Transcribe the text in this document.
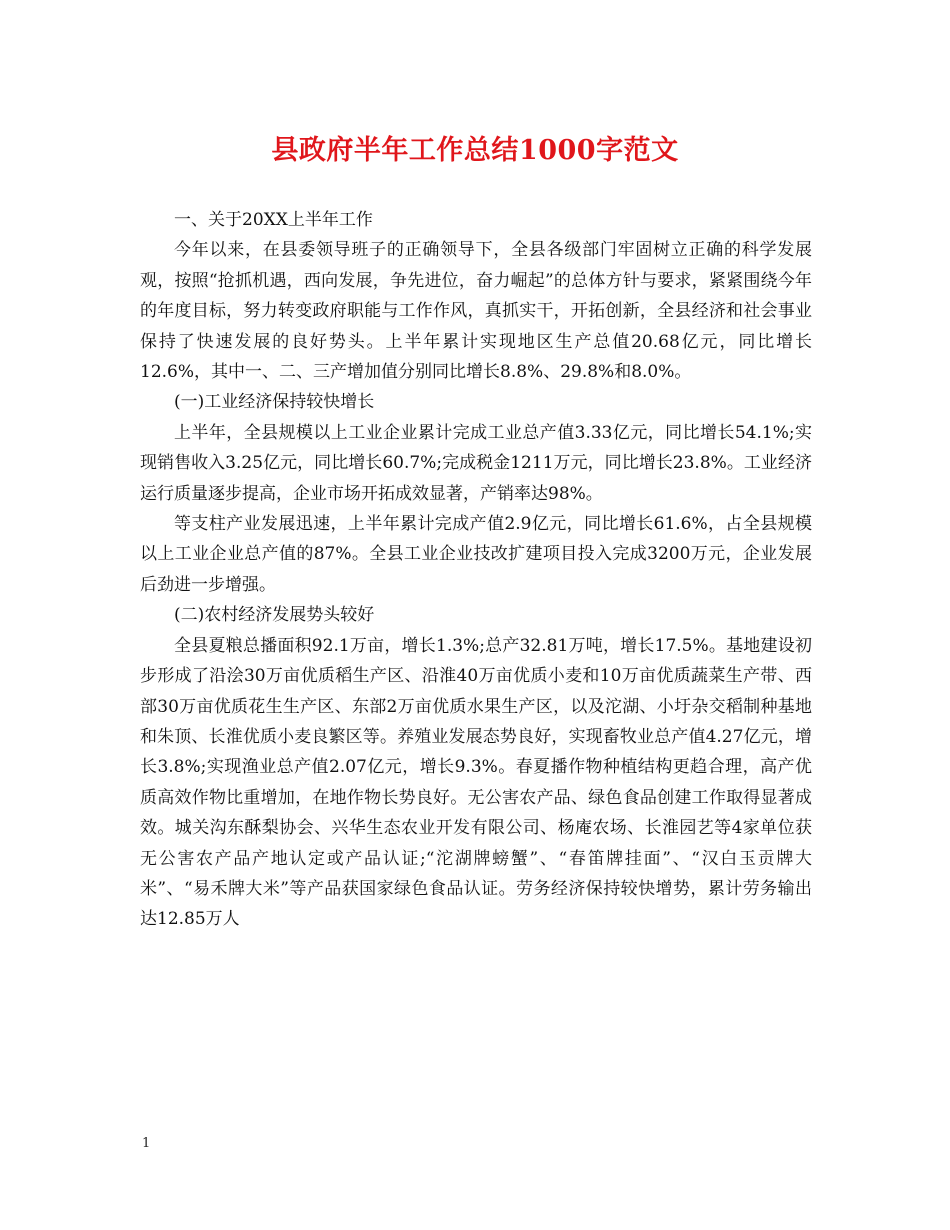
县政府半年工作总结1000字范文

一、关于20XX上半年工作

今年以来，在县委领导班子的正确领导下，全县各级部门牢固树立正确的科学发展观，按照“抢抓机遇，西向发展，争先进位，奋力崛起”的总体方针与要求，紧紧围绕今年的年度目标，努力转变政府职能与工作作风，真抓实干，开拓创新，全县经济和社会事业保持了快速发展的良好势头。上半年累计实现地区生产总值20.68亿元，同比增长12.6%，其中一、二、三产增加值分别同比增长8.8%、29.8%和8.0%。

(一)工业经济保持较快增长

上半年，全县规模以上工业企业累计完成工业总产值3.33亿元，同比增长54.1%;实现销售收入3.25亿元，同比增长60.7%;完成税金1211万元，同比增长23.8%。工业经济运行质量逐步提高，企业市场开拓成效显著，产销率达98%。

等支柱产业发展迅速，上半年累计完成产值2.9亿元，同比增长61.6%，占全县规模以上工业企业总产值的87%。全县工业企业技改扩建项目投入完成3200万元，企业发展后劲进一步增强。

(二)农村经济发展势头较好

全县夏粮总播面积92.1万亩，增长1.3%;总产32.81万吨，增长17.5%。基地建设初步形成了沿浍30万亩优质稻生产区、沿淮40万亩优质小麦和10万亩优质蔬菜生产带、西部30万亩优质花生生产区、东部2万亩优质水果生产区，以及沱湖、小圩杂交稻制种基地和朱顶、长淮优质小麦良繁区等。养殖业发展态势良好，实现畜牧业总产值4.27亿元，增长3.8%;实现渔业总产值2.07亿元，增长9.3%。春夏播作物种植结构更趋合理，高产优质高效作物比重增加，在地作物长势良好。无公害农产品、绿色食品创建工作取得显著成效。城关沟东酥梨协会、兴华生态农业开发有限公司、杨庵农场、长淮园艺等4家单位获无公害农产品产地认定或产品认证;“沱湖牌螃蟹”、“春笛牌挂面”、“汉白玉贡牌大米”、“易禾牌大米”等产品获国家绿色食品认证。劳务经济保持较快增势，累计劳务输出达12.85万人

1
